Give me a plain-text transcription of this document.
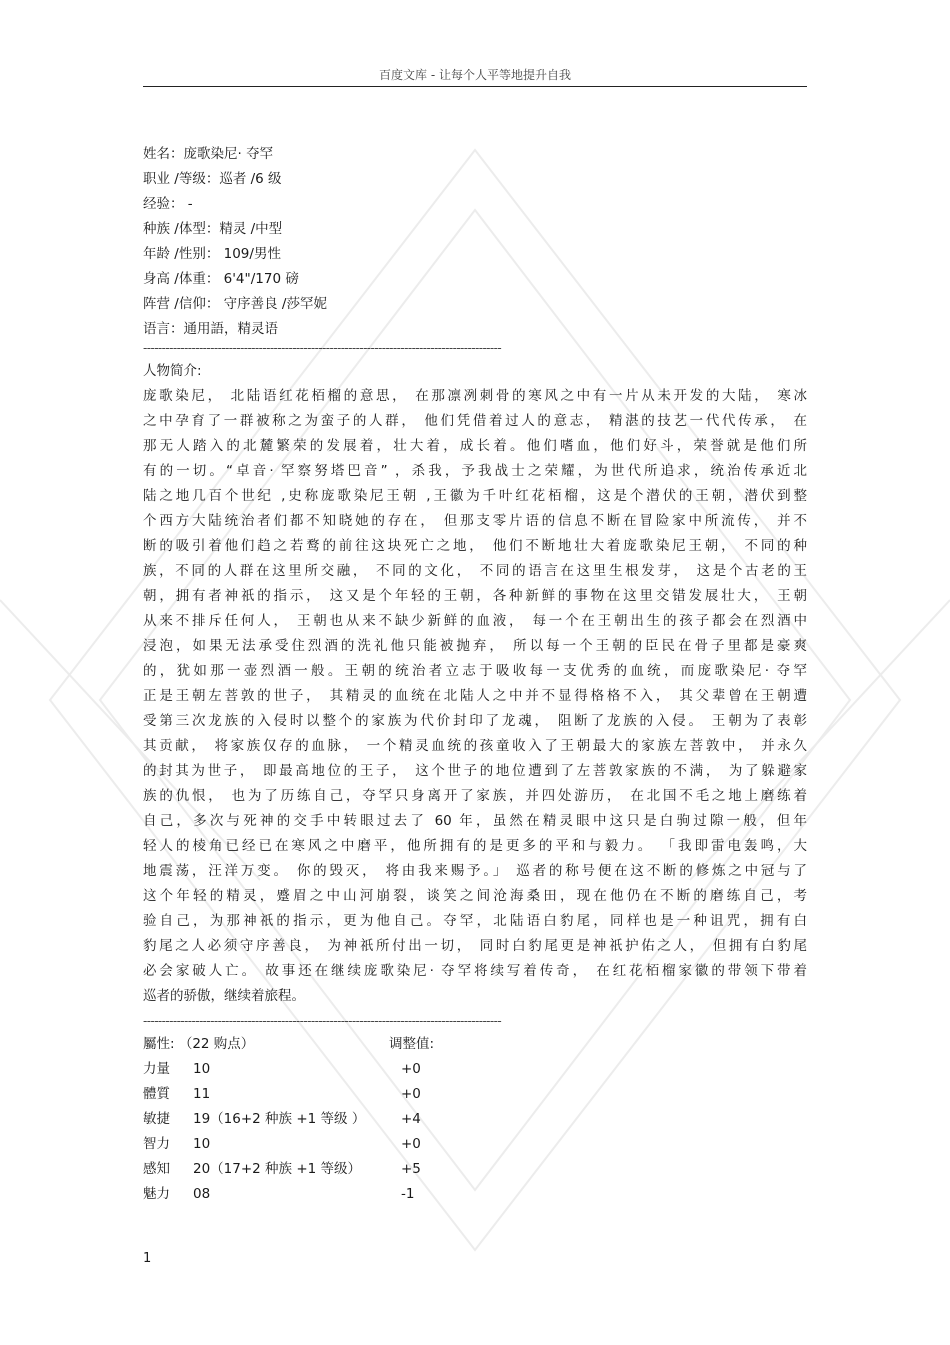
百度文库 - 让每个人平等地提升自我
姓名：庞歌染尼· 夺罕
职业 /等级：巡者 /6 级
经验： -
种族 /体型：精灵 /中型
年龄 /性别： 109/男性
身高 /体重： 6'4"/170 磅
阵营 /信仰： 守序善良 /莎罕妮
语言：通用語，精灵语
------------------------------------------------------------------------------------------------
人物简介:
庞歌染尼， 北陆语红花栢榴的意思， 在那凛冽刺骨的寒风之中有一片从未开发的大陆， 寒冰
之中孕育了一群被称之为蛮子的人群， 他们凭借着过人的意志， 精湛的技艺一代代传承， 在
那无人踏入的北麓繁荣的发展着，壮大着，成长着。他们嗜血，他们好斗，荣誉就是他们所
有的一切。“卓音· 罕察努塔巴音” ，杀我，予我战士之荣耀，为世代所追求，统治传承近北
陆之地几百个世纪 ,史称庞歌染尼王朝 ,王徽为千叶红花栢榴，这是个潜伏的王朝，潜伏到整
个西方大陆统治者们都不知晓她的存在， 但那支零片语的信息不断在冒险家中所流传， 并不
断的吸引着他们趋之若鹜的前往这块死亡之地， 他们不断地壮大着庞歌染尼王朝， 不同的种
族，不同的人群在这里所交融， 不同的文化， 不同的语言在这里生根发芽， 这是个古老的王
朝，拥有者神祇的指示， 这又是个年轻的王朝，各种新鲜的事物在这里交错发展壮大， 王朝
从来不排斥任何人， 王朝也从来不缺少新鲜的血液， 每一个在王朝出生的孩子都会在烈酒中
浸泡，如果无法承受住烈酒的洗礼他只能被抛弃， 所以每一个王朝的臣民在骨子里都是豪爽
的，犹如那一壶烈酒一般。王朝的统治者立志于吸收每一支优秀的血统，而庞歌染尼· 夺罕
正是王朝左菩敦的世子， 其精灵的血统在北陆人之中并不显得格格不入， 其父辈曾在王朝遭
受第三次龙族的入侵时以整个的家族为代价封印了龙魂， 阻断了龙族的入侵。 王朝为了表彰
其贡献， 将家族仅存的血脉， 一个精灵血统的孩童收入了王朝最大的家族左菩敦中， 并永久
的封其为世子， 即最高地位的王子， 这个世子的地位遭到了左菩敦家族的不满， 为了躲避家
族的仇恨， 也为了历练自己，夺罕只身离开了家族，并四处游历， 在北国不毛之地上磨练着
自己，多次与死神的交手中转眼过去了 60 年，虽然在精灵眼中这只是白驹过隙一般，但年
轻人的棱角已经已在寒风之中磨平，他所拥有的是更多的平和与毅力。 「我即雷电轰鸣，大
地震荡，汪洋万变。 你的毁灭， 将由我来赐予。」 巡者的称号便在这不断的修炼之中冠与了
这个年轻的精灵，蹙眉之中山河崩裂，谈笑之间沧海桑田，现在他仍在不断的磨练自己，考
验自己，为那神祇的指示，更为他自己。夺罕，北陆语白豹尾，同样也是一种诅咒，拥有白
豹尾之人必须守序善良， 为神祇所付出一切， 同时白豹尾更是神祇护佑之人， 但拥有白豹尾
必会家破人亡。 故事还在继续庞歌染尼· 夺罕将续写着传奇， 在红花栢榴家徽的带领下带着
巡者的骄傲，继续着旅程。
------------------------------------------------------------------------------------------------
屬性: （22 购点）	调整值:
力量 10	+0
體質 11	+0
敏捷 19（16+2 种族 +1 等级 ）	+4
智力 10	+0
感知 20（17+2 种族 +1 等级）	+5
魅力 08	-1
1
